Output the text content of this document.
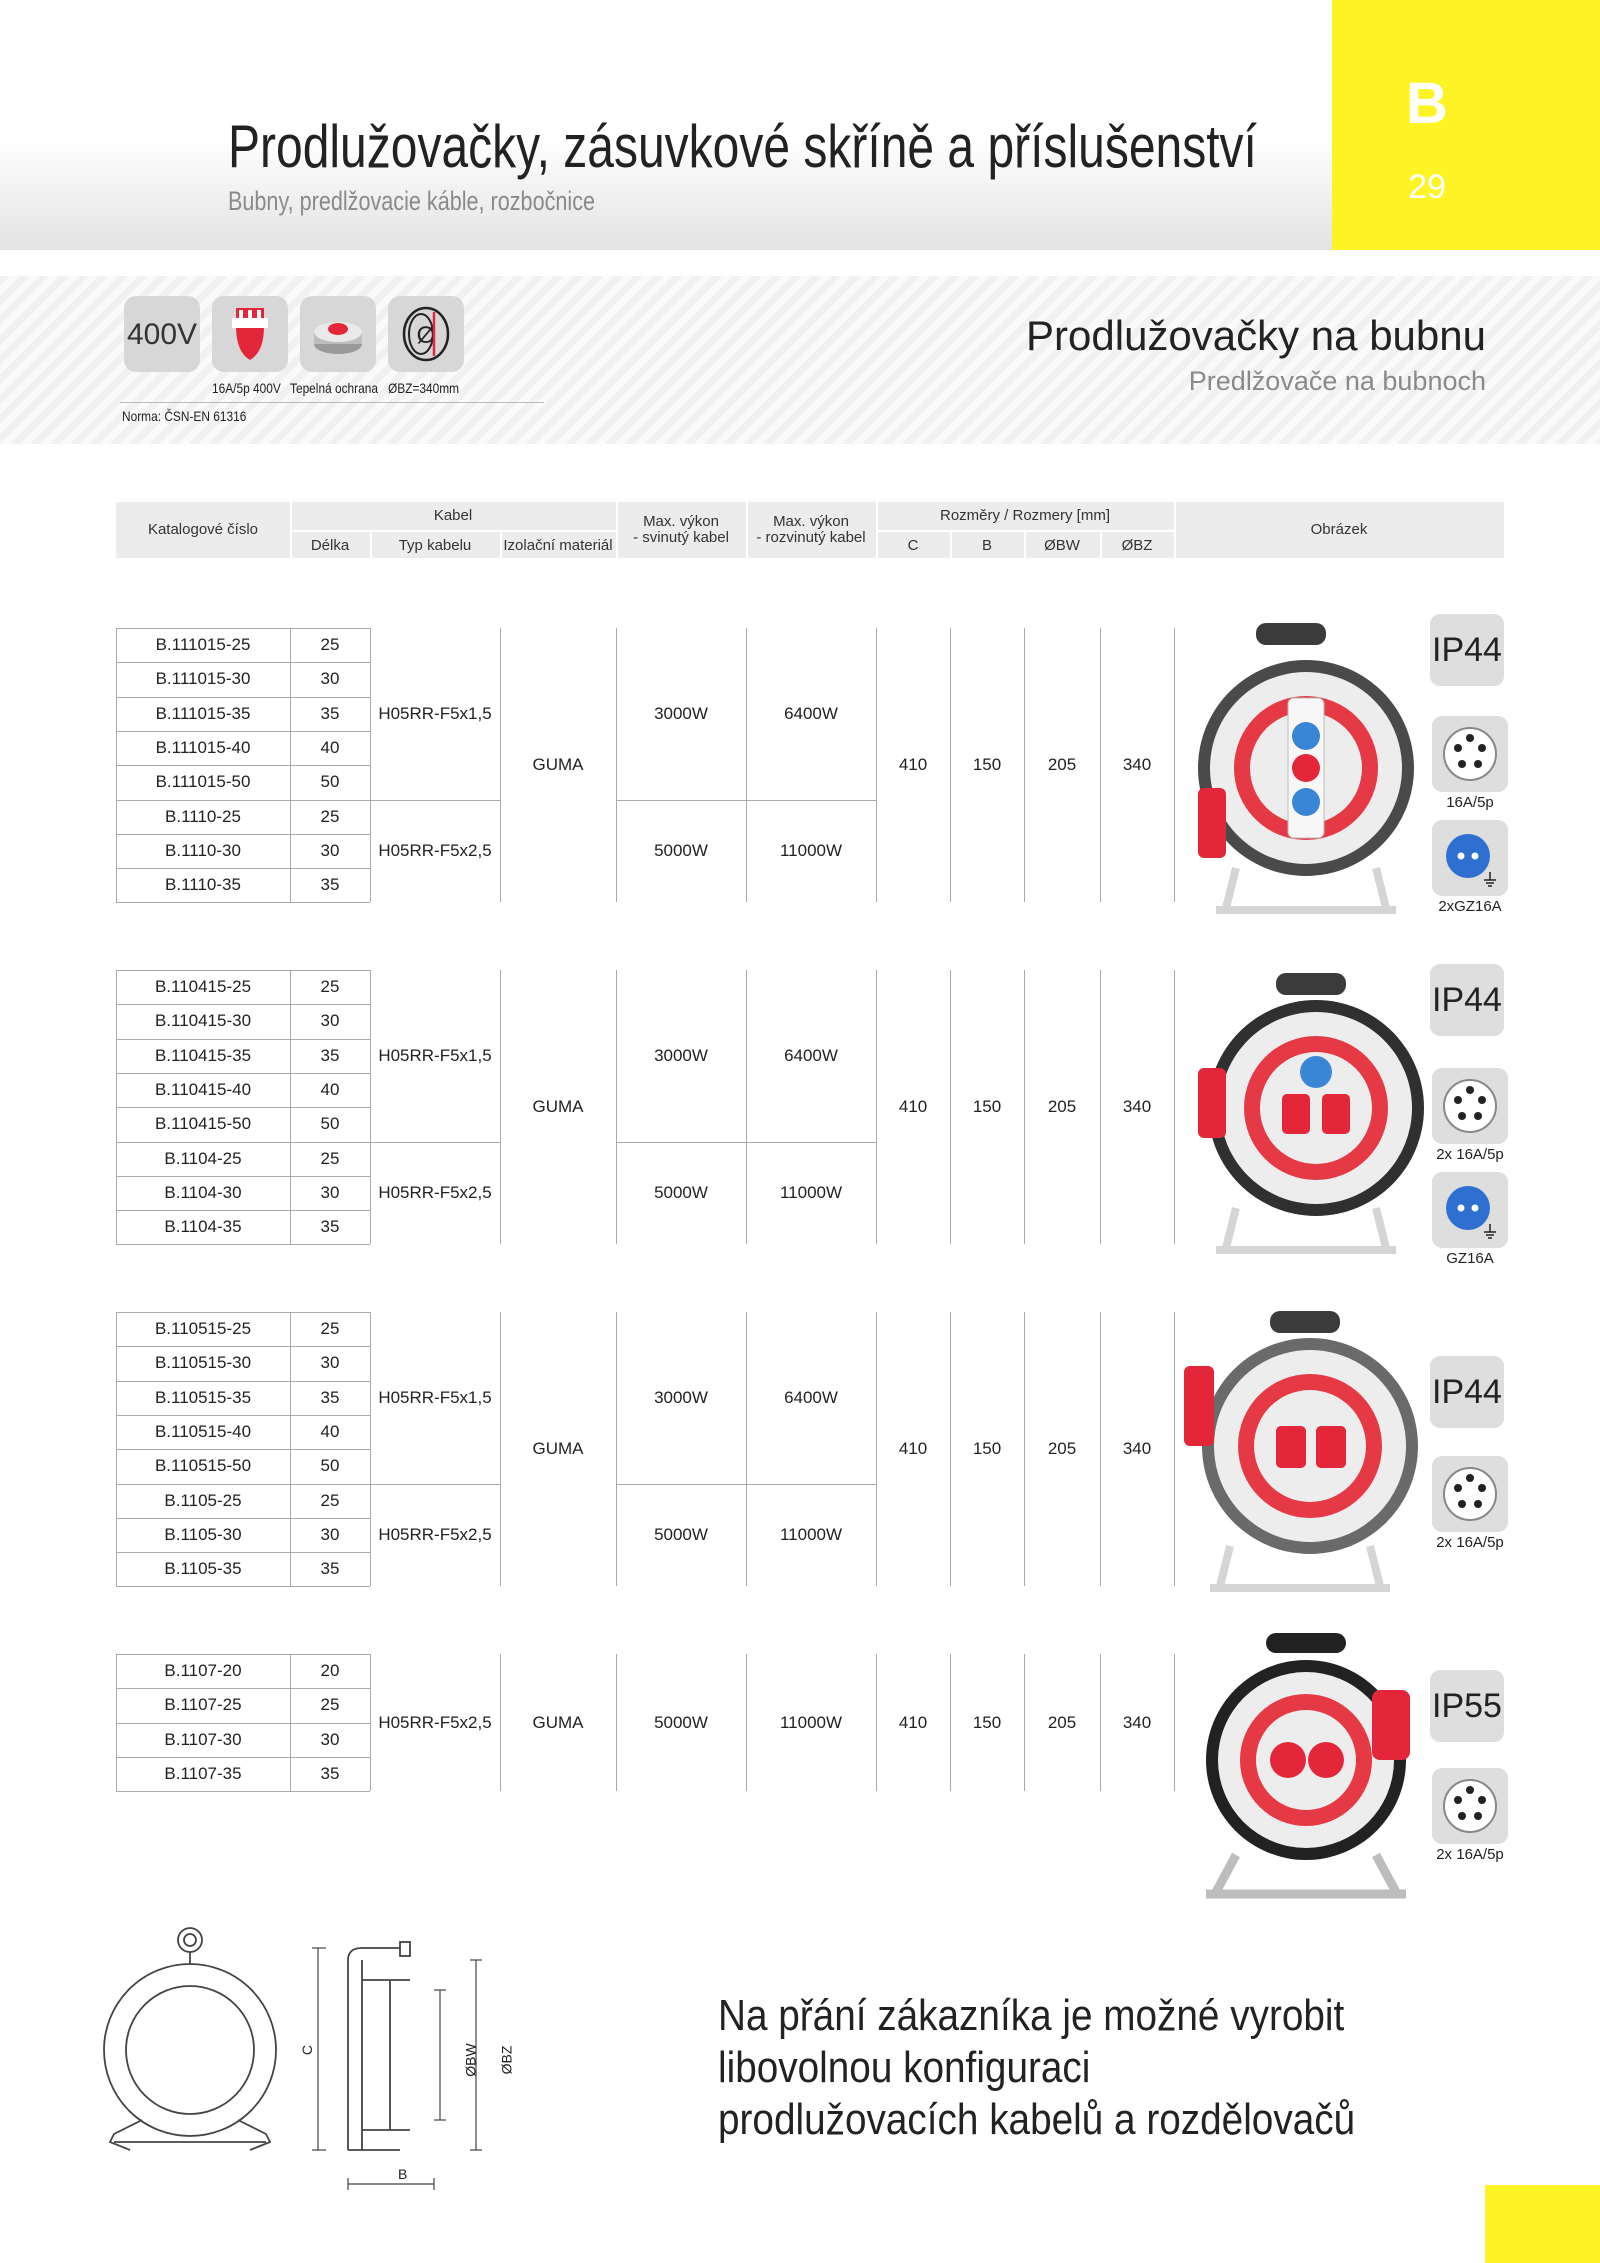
Prodlužovačky, zásuvkové skříně a příslušenství
Bubny, predlžovacie káble, rozbočnice
B
29
400V	Ø
16A/5p 400V Tepelná ochrana ØBZ=340mm
Norma: ČSN-EN 61316
Prodlužovačky na bubnu
Predlžovače na bubnoch
Katalogové číslo
Kabel
Délka	Typ kabelu	Izolační materiál
Max. výkon
- svinutý kabel
Max. výkon
- rozvinutý kabel
Rozměry / Rozmery [mm]
C	B	ØBW	ØBZ
Obrázek
B.111015-25	25
B.111015-30	30
B.111015-35	35
B.111015-40	40
B.111015-50	50
B.1110-25	25
B.1110-30	30
B.1110-35	35
H05RR-F5x1,5	3000W	6400W
H05RR-F5x2,5	5000W	11000W
GUMA	410	150	205	340
B.110415-25	25
B.110415-30	30
B.110415-35	35
B.110415-40	40
B.110415-50	50
B.1104-25	25
B.1104-30	30
B.1104-35	35
H05RR-F5x1,5	3000W	6400W
H05RR-F5x2,5	5000W	11000W
GUMA	410	150	205	340
B.110515-25	25
B.110515-30	30
B.110515-35	35
B.110515-40	40
B.110515-50	50
B.1105-25	25
B.1105-30	30
B.1105-35	35
H05RR-F5x1,5	3000W	6400W
H05RR-F5x2,5	5000W	11000W
GUMA	410	150	205	340
B.1107-20	20
B.1107-25	25
B.1107-30	30
B.1107-35	35
H05RR-F5x2,5	5000W	11000W
GUMA	410	150	205	340
IP44
16A/5p
2xGZ16A
IP44
2x 16A/5p
GZ16A
IP44
2x 16A/5p
IP55
2x 16A/5p
C	ØBW ØBZ
B
Na přání zákazníka je možné vyrobit
libovolnou konfiguraci
prodlužovacích kabelů a rozdělovačů
